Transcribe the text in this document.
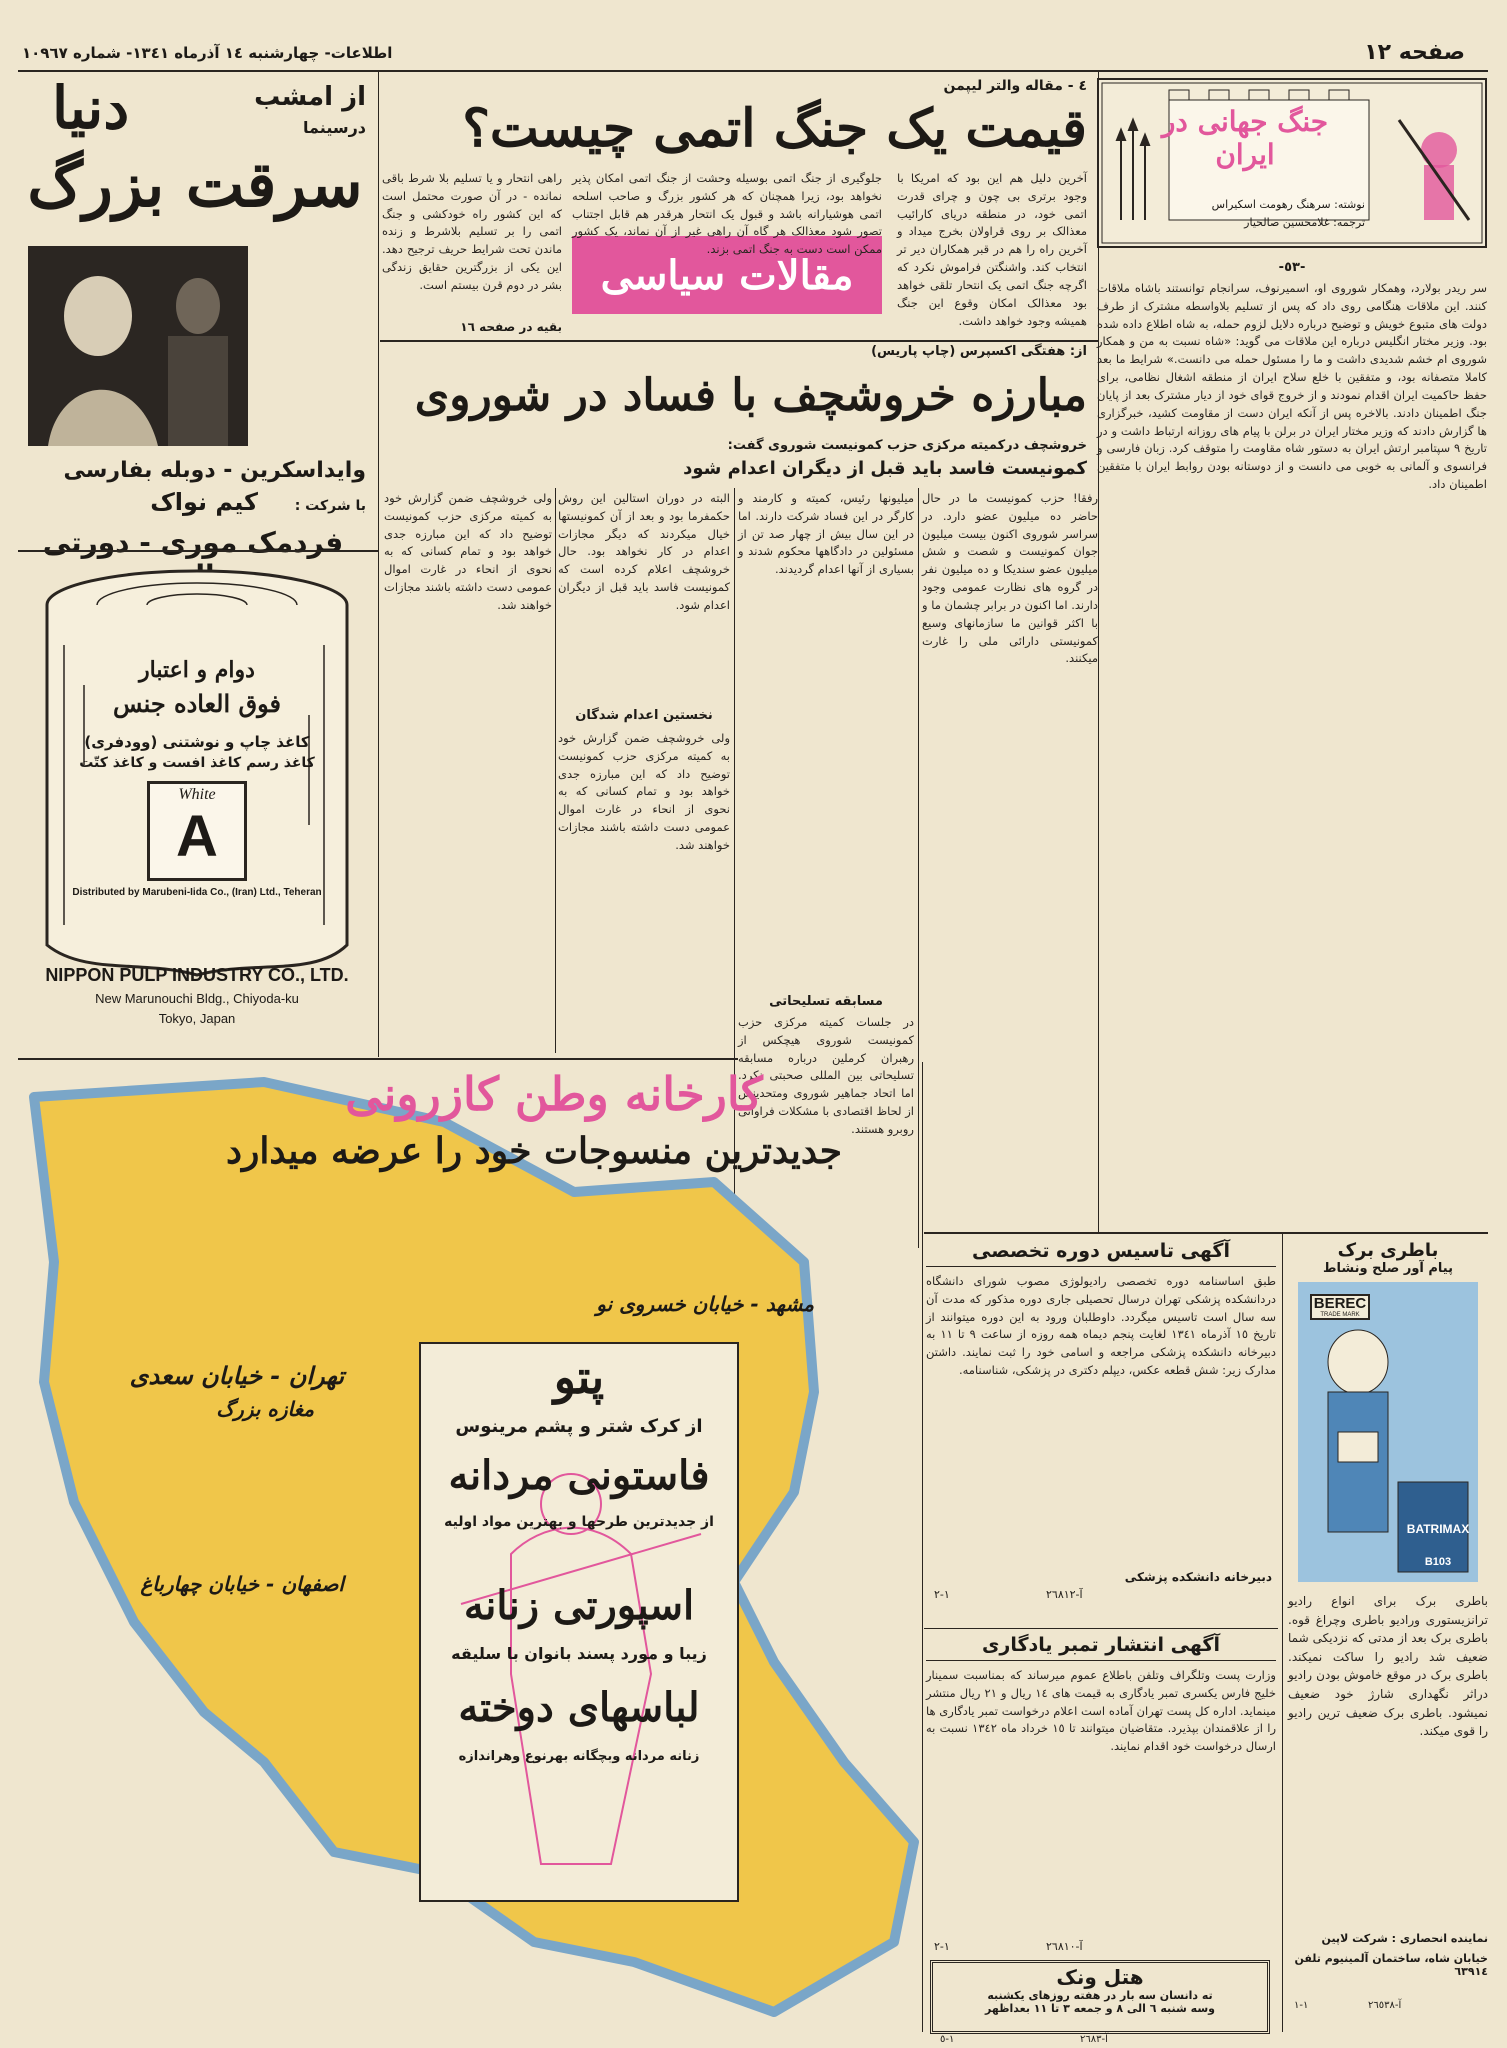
صفحه ١٢
اطلاعات- چهارشنبه ١٤ آذرماه ١٣٤١- شماره ١٠٩٦٧
جنگ جهانی در ایران
نوشته: سرهنگ رهومت اسکیراس
ترجمه: غلامحسین صالحیار
-٥٣-
سر ریدر بولارد، وهمکار شوروی او، اسمیرنوف، سرانجام توانستند باشاه ملاقات کنند. این ملاقات هنگامی روی داد که پس از تسلیم بلاواسطه مشترک از طرف دولت های متبوع خویش و توضیح درباره دلایل لزوم حمله، به شاه اطلاع داده شده بود. وزیر مختار انگلیس درباره این ملاقات می گوید: «شاه نسبت به من و همکار شوروی ام خشم شدیدی داشت و ما را مسئول حمله می دانست.» شرایط ما بعد کاملا متصفانه بود، و متفقین با خلع سلاح ایران از منطقه اشغال نظامی، برای حفظ حاکمیت ایران اقدام نمودند و از خروج قوای خود از دیار مشترک بعد از پایان جنگ اطمینان دادند. بالاخره پس از آنکه ایران دست از مقاومت کشید، خبرگزاری ها گزارش دادند که وزیر مختار ایران در برلن با پیام های روزانه ارتباط داشت و در تاریخ ٩ سپتامبر ارتش ایران به دستور شاه مقاومت را متوقف کرد. زبان فارسی و فرانسوی و آلمانی به خوبی می دانست و از دوستانه بودن روابط ایران با متفقین اطمینان داد.
٤ - مقاله والتر لیپمن
قیمت یک جنگ اتمی چیست؟
آخرین دلیل هم این بود که امریکا با وجود برتری بی چون و چرای قدرت اتمی خود، در منطقه دریای کارائیب معذالک بر روی قراولان بخرج میداد و آخرین راه را هم در قبر همکاران دیر تر انتخاب کند. واشنگتن فراموش نکرد که اگرچه جنگ اتمی یک انتحار تلقی خواهد بود معذالک امکان وقوع این جنگ همیشه وجود خواهد داشت.
مقالات سیاسی
جلوگیری از جنگ اتمی بوسیله وحشت از جنگ اتمی امکان پذیر نخواهد بود، زیرا همچنان که هر کشور بزرگ و صاحب اسلحه اتمی هوشیارانه باشد و قبول یک انتحار هرقدر هم قابل اجتناب تصور شود معذالک هر گاه آن راهی غیر از آن نماند، یک کشور ممکن است دست به جنگ اتمی بزند.
راهی انتحار و یا تسلیم بلا شرط باقی نمانده - در آن صورت محتمل است که این کشور راه خودکشی و جنگ اتمی را بر تسلیم بلاشرط و زنده ماندن تحت شرایط حریف ترجیح دهد. این یکی از بزرگترین حقایق زندگی بشر در دوم قرن بیستم است.
بقیه در صفحه ١٦
از: هفتگی اکسپرس (چاپ پاریس)
مبارزه خروشچف با فساد در شوروی
خروشچف درکمیته مرکزی حزب کمونیست شوروی گفت:
کمونیست فاسد باید قبل از دیگران اعدام شود
رفقا! حزب کمونیست ما در حال حاضر ده میلیون عضو دارد. در سراسر شوروی اکنون بیست میلیون جوان کمونیست و شصت و شش میلیون عضو سندیکا و ده میلیون نفر در گروه های نظارت عمومی وجود دارند. اما اکنون در برابر چشمان ما و با اکثر قوانین ما سازمانهای وسیع کمونیستی دارائی ملی را غارت میکنند.
میلیونها رئیس، کمیته و کارمند و کارگر در این فساد شرکت دارند. اما در این سال بیش از چهار صد تن از مسئولین در دادگاهها محکوم شدند و بسیاری از آنها اعدام گردیدند.
البته در دوران استالین این روش حکمفرما بود و بعد از آن کمونیستها خیال میکردند که دیگر مجازات اعدام در کار نخواهد بود. حال خروشچف اعلام کرده است که کمونیست فاسد باید قبل از دیگران اعدام شود.
نخستین اعدام شدگان
ولی خروشچف ضمن گزارش خود به کمیته مرکزی حزب کمونیست توضیح داد که این مبارزه جدی خواهد بود و تمام کسانی که به نحوی از انحاء در غارت اموال عمومی دست داشته باشند مجازات خواهند شد.
ولی خروشچف ضمن گزارش خود به کمیته مرکزی حزب کمونیست توضیح داد که این مبارزه جدی خواهد بود و تمام کسانی که به نحوی از انحاء در غارت اموال عمومی دست داشته باشند مجازات خواهند شد.
مسابقه تسلیحاتی
در جلسات کمیته مرکزی حزب کمونیست شوروی هیچکس از رهبران کرملین درباره مسابقه تسلیحاتی بین المللی صحبتی نکرد. اما اتحاد جماهیر شوروی ومتحدینش از لحاظ اقتصادی با مشکلات فراوانی روبرو هستند.
از امشب
درسینما
دنیا
سرقت بزرگ
وایداسکرین - دوبله بفارسی
با شرکت :
کیم نواک
فردمک موری - دورتی
دوام و اعتبار
فوق العاده جنس
کاغذ چاپ و نوشتنی (وودفری)
کاغذ رسم کاغذ افست و کاغذ کتّت
White
A
Distributed by Marubeni-Iida Co., (Iran) Ltd., Teheran
NIPPON PULP INDUSTRY CO., LTD.
New Marunouchi Bldg., Chiyoda-ku
Tokyo, Japan
کارخانه وطن کازرونی
جدیدترین منسوجات خود را عرضه میدارد
مشهد - خیابان خسروی نو
تهران - خیابان سعدی
مغازه بزرگ
اصفهان - خیابان چهارباغ
پتو
از کرک شتر و پشم مرینوس
فاستونی مردانه
از جدیدترین طرحها و بهترین مواد اولیه
اسپورتی زنانه
زیبا و مورد پسند بانوان با سلیقه
لباسهای دوخته
زنانه مردانه وبچگانه بهرنوع وهراندازه
آگهی تاسیس دوره تخصصی
طبق اساسنامه دوره تخصصی رادیولوژی مصوب شورای دانشگاه دردانشکده پزشکی تهران درسال تحصیلی جاری دوره مذکور که مدت آن سه سال است تاسیس میگردد. داوطلبان ورود به این دوره میتوانند از تاریخ ١٥ آذرماه ١٣٤١ لغایت پنجم دیماه همه روزه از ساعت ٩ تا ١١ به دبیرخانه دانشکده پزشکی مراجعه و اسامی خود را ثبت نمایند. داشتن مدارک زیر: شش قطعه عکس، دیپلم دکتری در پزشکی، شناسنامه.
دبیرخانه دانشکده پزشکی
آ-٢٦٨١٢
١-٢
آگهی انتشار تمبر یادگاری
وزارت پست وتلگراف وتلفن باطلاع عموم میرساند که بمناسبت سمینار خلیج فارس یکسری تمبر یادگاری به قیمت های ١٤ ریال و ٢١ ریال منتشر مینماید. اداره کل پست تهران آماده است اعلام درخواست تمبر یادگاری ها را از علاقمندان بپذیرد. متقاضیان میتوانند تا ١٥ خرداد ماه ١٣٤٢ نسبت به ارسال درخواست خود اقدام نمایند.
آ-٢٦٨١٠
١-٢
هتل ونک
ته دانسان سه بار در هفته روزهای یکشنبه
وسه شنبه ٦ الی ٨ و جمعه ٣ تا ١١ بعداظهر
آ-٢٦٨٣
١-٥
باطری برک
پیام آور صلح ونشاط
BEREC
TRADE MARK
BATRIMAX
B103
باطری برک برای انواع رادیو ترانزیستوری ورادیو باطری وچراغ قوه. باطری برک بعد از مدتی که نزدیکی شما ضعیف شد رادیو را ساکت نمیکند. باطری برک در موقع خاموش بودن رادیو دراثر نگهداری شارژ خود ضعیف نمیشود. باطری برک ضعیف ترین رادیو را قوی میکند.
نماینده انحصاری : شرکت لاپین
خیابان شاه، ساختمان آلمینیوم تلفن ٦٣٩١٤
آ-٢٦٥٣٨
١-١
